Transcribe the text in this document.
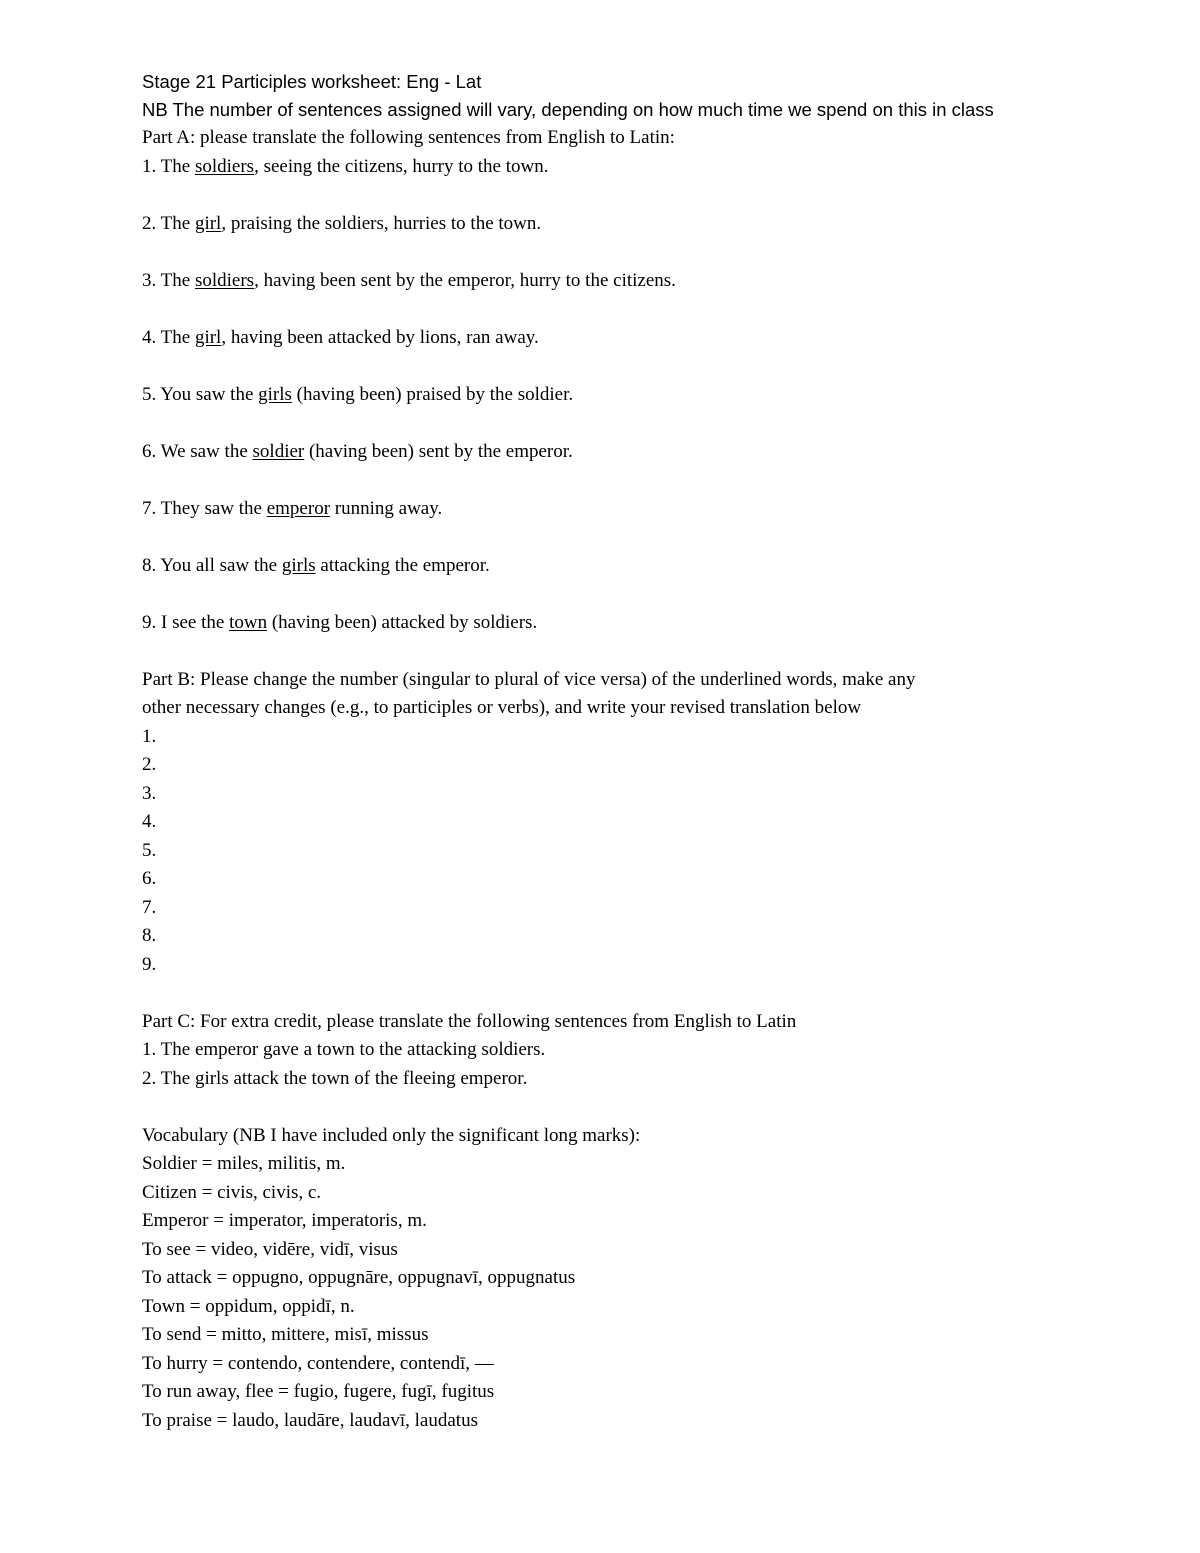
Stage 21 Participles worksheet: Eng - Lat
NB The number of sentences assigned will vary, depending on how much time we spend on this in class
Part A: please translate the following sentences from English to Latin:
1. The soldiers, seeing the citizens, hurry to the town.
2. The girl, praising the soldiers, hurries to the town.
3. The soldiers, having been sent by the emperor, hurry to the citizens.
4. The girl, having been attacked by lions, ran away.
5. You saw the girls (having been) praised by the soldier.
6. We saw the soldier (having been) sent by the emperor.
7. They saw the emperor running away.
8. You all saw the girls attacking the emperor.
9. I see the town (having been) attacked by soldiers.
Part B: Please change the number (singular to plural of vice versa) of the underlined words, make any
other necessary changes (e.g., to participles or verbs), and write your revised translation below
1.
2.
3.
4.
5.
6.
7.
8.
9.
Part C: For extra credit, please translate the following sentences from English to Latin
1. The emperor gave a town to the attacking soldiers.
2. The girls attack the town of the fleeing emperor.
Vocabulary (NB I have included only the significant long marks):
Soldier = miles, militis, m.
Citizen = civis, civis, c.
Emperor = imperator, imperatoris, m.
To see = video, vidēre, vidī, visus
To attack = oppugno, oppugnāre, oppugnavī, oppugnatus
Town = oppidum, oppidī, n.
To send = mitto, mittere, misī, missus
To hurry = contendo, contendere, contendī, —
To run away, flee = fugio, fugere, fugī, fugitus
To praise = laudo, laudāre, laudavī, laudatus
